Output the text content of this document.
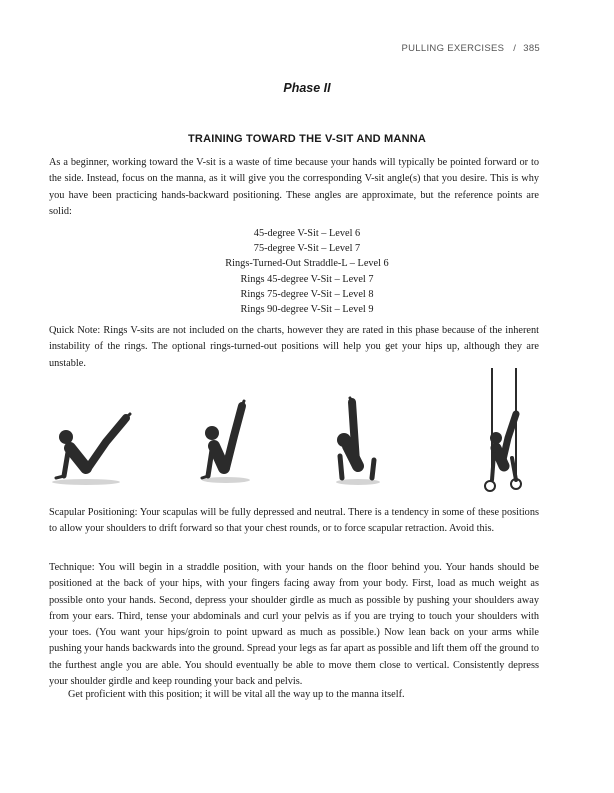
PULLING EXERCISES / 385
Phase II
TRAINING TOWARD THE V-SIT AND MANNA
As a beginner, working toward the V-sit is a waste of time because your hands will typically be pointed forward or to the side. Instead, focus on the manna, as it will give you the corresponding V-sit angle(s) that you desire. This is why you have been practicing hands-backward positioning. These angles are approximate, but the reference points are solid:
45-degree V-Sit – Level 6
75-degree V-Sit – Level 7
Rings-Turned-Out Straddle-L – Level 6
Rings 45-degree V-Sit – Level 7
Rings 75-degree V-Sit – Level 8
Rings 90-degree V-Sit – Level 9
Quick Note: Rings V-sits are not included on the charts, however they are rated in this phase because of the inherent instability of the rings. The optional rings-turned-out positions will help you get your hips up, although they are unstable.
Scapular Positioning: Your scapulas will be fully depressed and neutral. There is a tendency in some of these positions to allow your shoulders to drift forward so that your chest rounds, or to force scapular retraction. Avoid this.
Technique: You will begin in a straddle position, with your hands on the floor behind you. Your hands should be positioned at the back of your hips, with your fingers facing away from your body. First, load as much weight as possible onto your hands. Second, depress your shoulder girdle as much as possible by pushing your shoulders away from your ears. Third, tense your abdominals and curl your pelvis as if you are trying to touch your shoulders with your toes. (You want your hips/groin to point upward as much as possible.) Now lean back on your arms while pushing your hands backwards into the ground. Spread your legs as far apart as possible and lift them off the ground to the furthest angle you are able. You should eventually be able to move them close to vertical. Consistently depress your shoulder girdle and keep rounding your back and pelvis.
Get proficient with this position; it will be vital all the way up to the manna itself.
